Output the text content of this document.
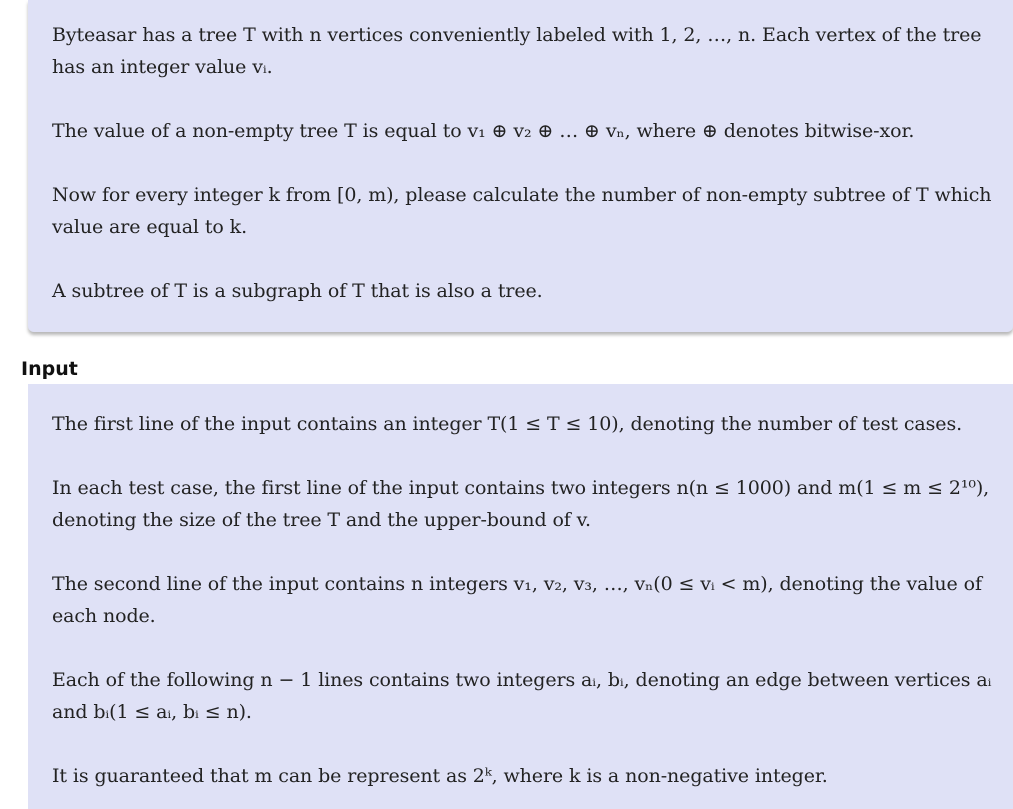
Byteasar has a tree T with n vertices conveniently labeled with 1, 2, …, n. Each vertex of the tree has an integer value vᵢ.

The value of a non-empty tree T is equal to v₁ ⊕ v₂ ⊕ … ⊕ vₙ, where ⊕ denotes bitwise-xor.

Now for every integer k from [0, m), please calculate the number of non-empty subtree of T which value are equal to k.

A subtree of T is a subgraph of T that is also a tree.

Input

The first line of the input contains an integer T(1 ≤ T ≤ 10), denoting the number of test cases.

In each test case, the first line of the input contains two integers n(n ≤ 1000) and m(1 ≤ m ≤ 2¹⁰), denoting the size of the tree T and the upper-bound of v.

The second line of the input contains n integers v₁, v₂, v₃, …, vₙ(0 ≤ vᵢ < m), denoting the value of each node.

Each of the following n − 1 lines contains two integers aᵢ, bᵢ, denoting an edge between vertices aᵢ and bᵢ(1 ≤ aᵢ, bᵢ ≤ n).

It is guaranteed that m can be represent as 2ᵏ, where k is a non-negative integer.
